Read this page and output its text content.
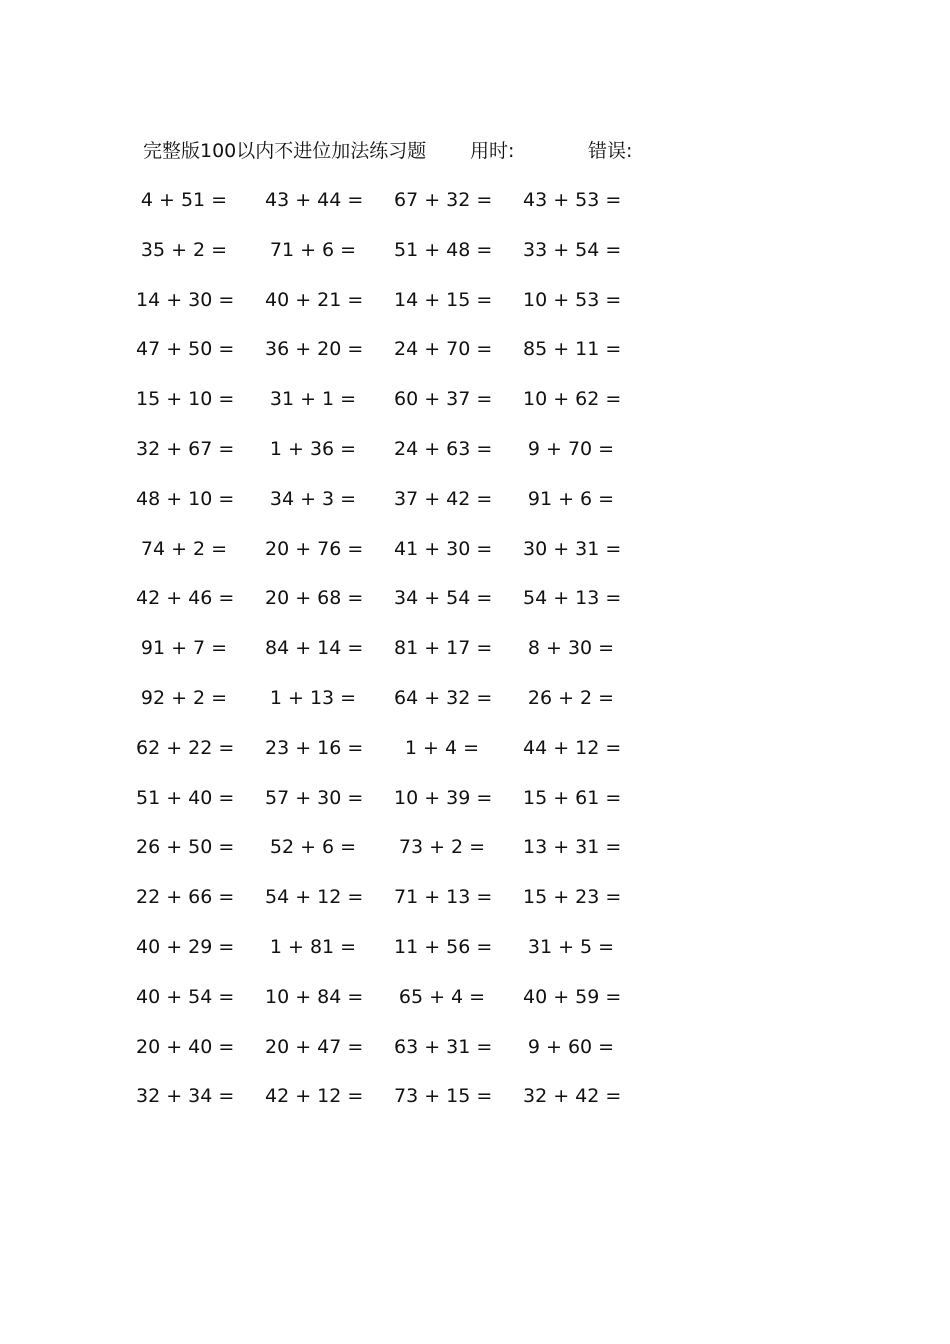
完整版100以内不进位加法练习题 用时:	错误:
4 + 51 = 43 + 44 = 67 + 32 = 43 + 53 =
35 + 2 = 71 + 6 = 51 + 48 = 33 + 54 =
14 + 30 = 40 + 21 = 14 + 15 = 10 + 53 =
47 + 50 = 36 + 20 = 24 + 70 = 85 + 11 =
15 + 10 = 31 + 1 = 60 + 37 = 10 + 62 =
32 + 67 = 1 + 36 = 24 + 63 = 9 + 70 =
48 + 10 = 34 + 3 = 37 + 42 = 91 + 6 =
74 + 2 = 20 + 76 = 41 + 30 = 30 + 31 =
42 + 46 = 20 + 68 = 34 + 54 = 54 + 13 =
91 + 7 = 84 + 14 = 81 + 17 = 8 + 30 =
92 + 2 = 1 + 13 = 64 + 32 = 26 + 2 =
62 + 22 = 23 + 16 =	1 + 4 =	44 + 12 =
51 + 40 = 57 + 30 = 10 + 39 = 15 + 61 =
26 + 50 = 52 + 6 = 73 + 2 = 13 + 31 =
22 + 66 = 54 + 12 = 71 + 13 = 15 + 23 =
40 + 29 = 1 + 81 = 11 + 56 = 31 + 5 =
40 + 54 = 10 + 84 = 65 + 4 = 40 + 59 =
20 + 40 = 20 + 47 = 63 + 31 = 9 + 60 =
32 + 34 = 42 + 12 = 73 + 15 = 32 + 42 =
